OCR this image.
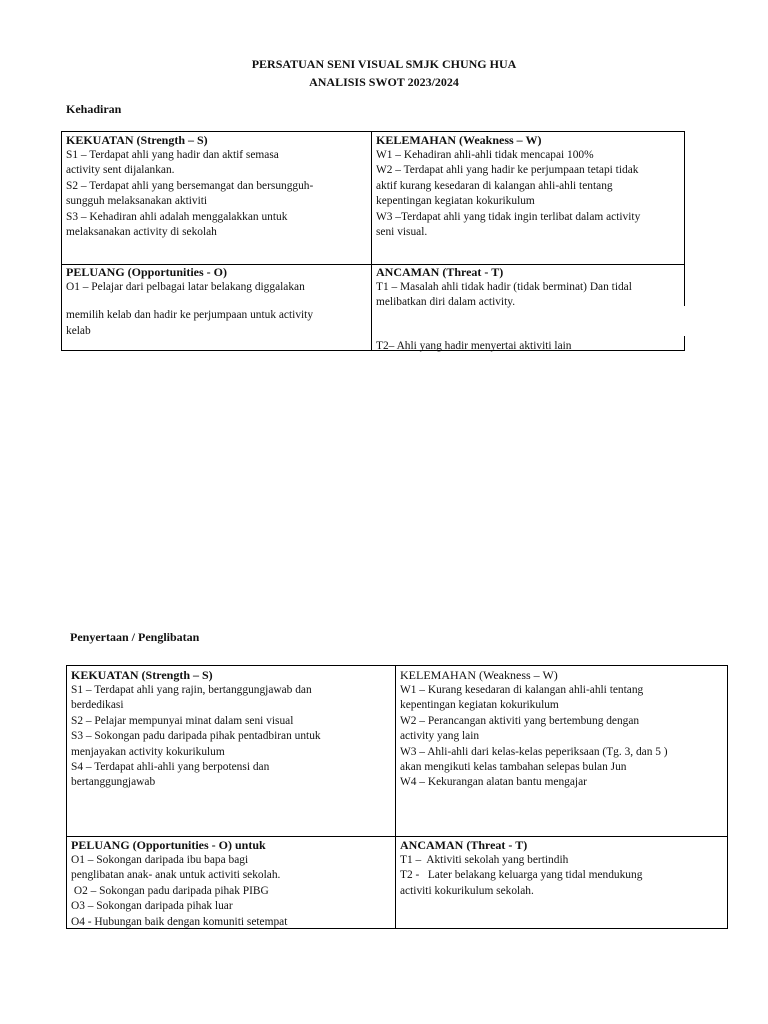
PERSATUAN SENI VISUAL SMJK CHUNG HUA
ANALISIS SWOT 2023/2024
Kehadiran
KEKUATAN (Strength – S)
S1 – Terdapat ahli yang hadir dan aktif semasa
activity sent dijalankan.
S2 – Terdapat ahli yang bersemangat dan bersungguh-
sungguh melaksanakan aktiviti
S3 – Kehadiran ahli adalah menggalakkan untuk
melaksanakan activity di sekolah
KELEMAHAN (Weakness – W)
W1 – Kehadiran ahli-ahli tidak mencapai 100%
W2 – Terdapat ahli yang hadir ke perjumpaan tetapi tidak
aktif kurang kesedaran di kalangan ahli-ahli tentang
kepentingan kegiatan kokurikulum
W3 –Terdapat ahli yang tidak ingin terlibat dalam activity
seni visual.
PELUANG (Opportunities - O)
O1 – Pelajar dari pelbagai latar belakang diggalakan
memilih kelab dan hadir ke perjumpaan untuk activity
kelab
ANCAMAN (Threat - T)
T1 – Masalah ahli tidak hadir (tidak berminat) Dan tidal
melibatkan diri dalam activity.
T2– Ahli yang hadir menyertai aktiviti lain
Penyertaan / Penglibatan
KEKUATAN (Strength – S)
S1 – Terdapat ahli yang rajin, bertanggungjawab dan
berdedikasi
S2 – Pelajar mempunyai minat dalam seni visual
S3 – Sokongan padu daripada pihak pentadbiran untuk
menjayakan activity kokurikulum
S4 – Terdapat ahli-ahli yang berpotensi dan
bertanggungjawab
KELEMAHAN (Weakness – W)
W1 – Kurang kesedaran di kalangan ahli-ahli tentang
kepentingan kegiatan kokurikulum
W2 – Perancangan aktiviti yang bertembung dengan
activity yang lain
W3 – Ahli-ahli dari kelas-kelas peperiksaan (Tg. 3, dan 5 )
akan mengikuti kelas tambahan selepas bulan Jun
W4 – Kekurangan alatan bantu mengajar
PELUANG (Opportunities - O) untuk
O1 – Sokongan daripada ibu bapa bagi
penglibatan anak- anak untuk activiti sekolah.
O2 – Sokongan padu daripada pihak PIBG
O3 – Sokongan daripada pihak luar
O4 - Hubungan baik dengan komuniti setempat
ANCAMAN (Threat - T)
T1 –  Aktiviti sekolah yang bertindih
T2 -   Later belakang keluarga yang tidal mendukung
activiti kokurikulum sekolah.
